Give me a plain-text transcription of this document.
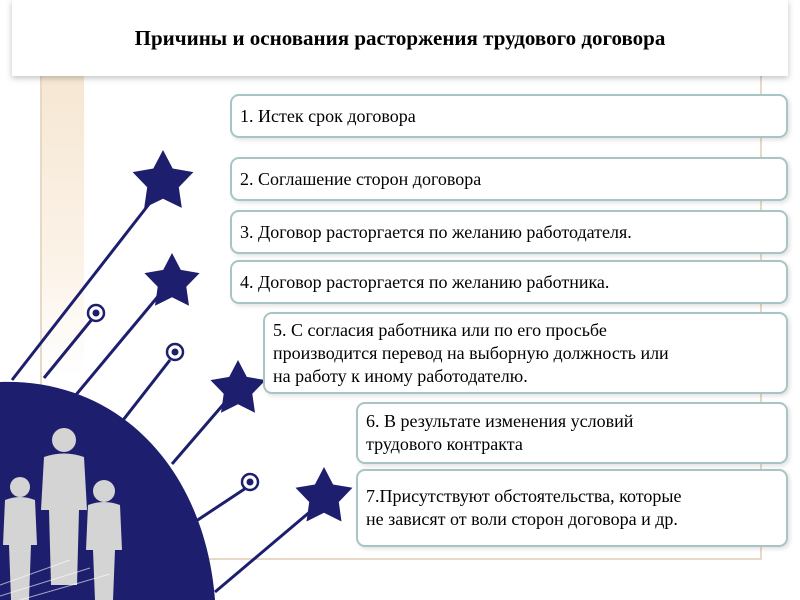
Причины и основания расторжения трудового договора
1. Истек срок договора
2. Соглашение сторон договора
3. Договор расторгается по желанию работодателя.
4. Договор расторгается по желанию работника.
5. С согласия работника или по его просьбе
производится перевод на выборную должность или
на работу к иному работодателю.
6. В результате изменения условий
трудового контракта
7.Присутствуют обстоятельства, которые
не зависят от воли сторон договора и др.
